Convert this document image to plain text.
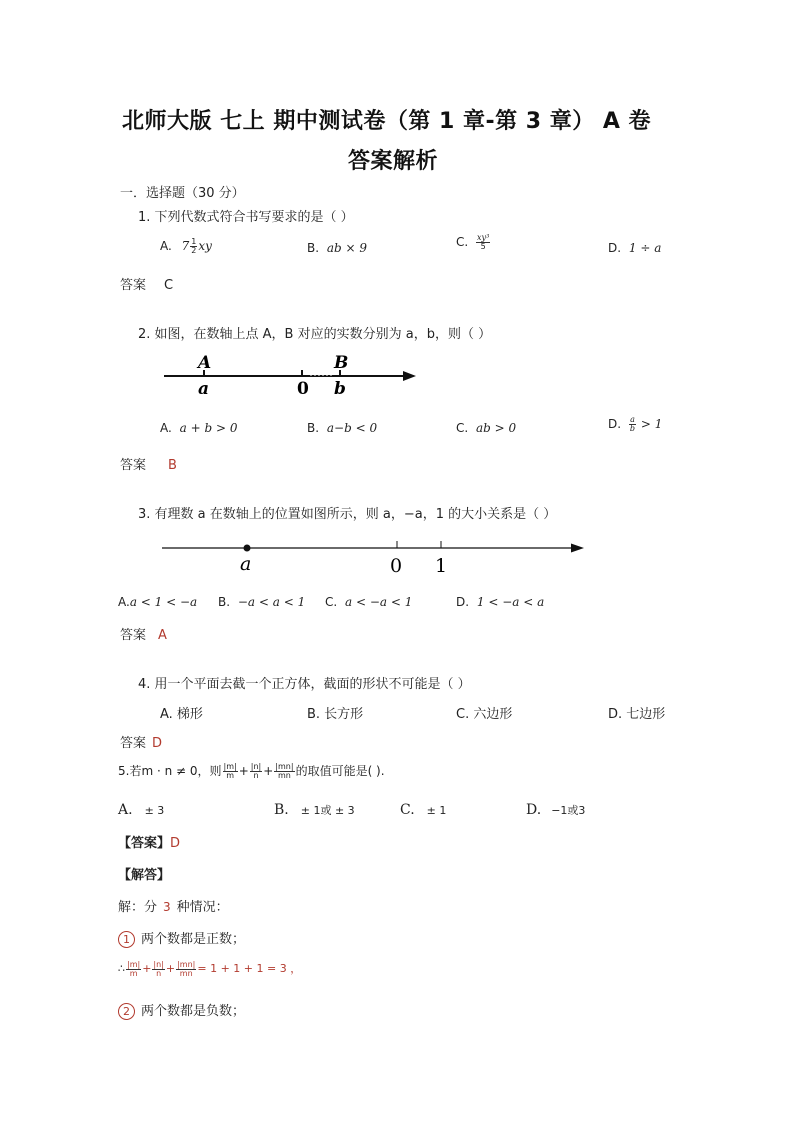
北师大版 七上 期中测试卷（第 1 章-第 3 章） A 卷
答案解析
一．选择题（30 分）
1. 下列代数式符合书写要求的是（ ）
A. $7 \frac{1}{2}$ xy	B. ab × 9	C. $\frac{\text{xy³}}{5}$	D. 1 ÷ a
答案 C
2. 如图，在数轴上点 A，B 对应的实数分别为 a，b，则（ ）
A
a
B
b
0
A. a + b > 0	B. a−b < 0	C. ab > 0	D. $\frac{a}{b} > 1$
答案 B
3. 有理数 a 在数轴上的位置如图所示，则 a，−a，1 的大小关系是（ ）
a	0 1
A.a < 1 < −a B. −a < a < 1 C. a < −a < 1	D. 1 < −a < a
答案 A
4. 用一个平面去截一个正方体，截面的形状不可能是（ ）
A. 梯形	B. 长方形	C. 六边形	D. 七边形
答案 D
5.若m · n ≠ 0，则 $\frac{|m|}{m} + \frac{|n|}{n} + \frac{|mn|}{mn}$ 的取值可能是( ).
A. ± 3	B. ± 1或 ± 3	C. ± 1	D. −1或3
【答案】D
【解答】
解：分 3 种情况：
1 两个数都是正数；
∴ $\frac{|m|}{m} + \frac{|n|}{n} + \frac{|mn|}{mn} = 1 + 1 + 1 = 3$ ，
2 两个数都是负数；
